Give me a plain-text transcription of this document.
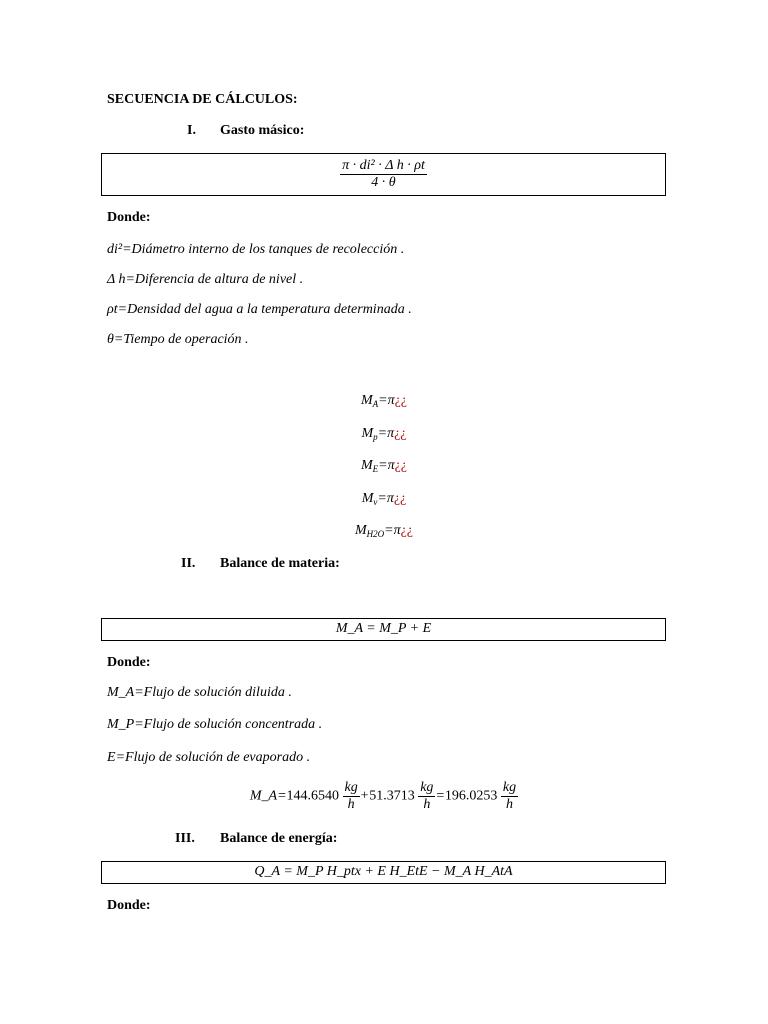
SECUENCIA DE CÁLCULOS:
I. Gasto másico:
$\frac{\text{π · di² · Δ h · ρt}}{4 \cdot \theta}$
Donde:
di²=Diámetro interno de los tanques de recolección .
Δ h=Diferencia de altura de nivel .
ρt=Densidad del agua a la temperatura determinada .
θ=Tiempo de operación .
$M_A=\pi¿¿$
$M_p=\pi¿¿$
$M_E=\pi¿¿$
$M_v=\pi¿¿$
$M_{H2O}=\pi¿¿$
II. Balance de materia:
M_A = M_P + E
Donde:
M_A=Flujo de solución diluida .
M_P=Flujo de solución concentrada .
E=Flujo de solución de evaporado .
M_A=144.6540 $\frac{kg}{h} +51.3713 \frac{kg}{h} =196.0253 \frac{kg}{h}$
III. Balance de energía:
Q_A = M_P H_ptx + E H_EtE − M_A H_AtA
Donde:
